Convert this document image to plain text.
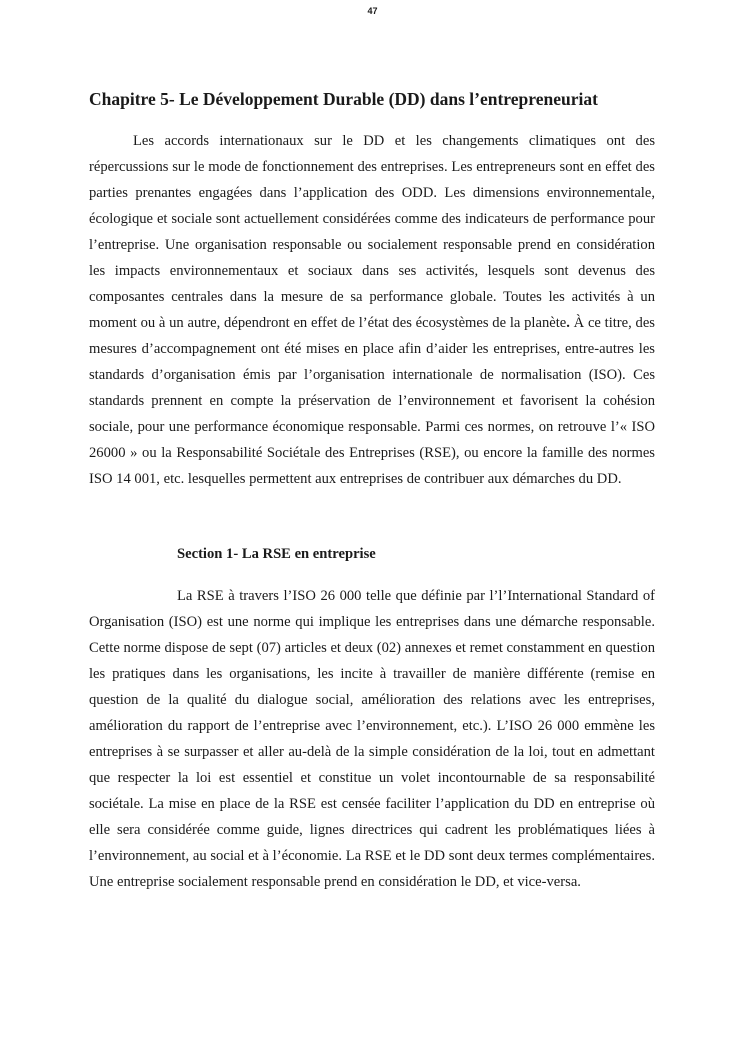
47
Chapitre 5- Le Développement Durable (DD) dans l’entrepreneuriat

Les accords internationaux sur le DD et les changements climatiques ont des répercussions sur le mode de fonctionnement des entreprises. Les entrepreneurs sont en effet des parties prenantes engagées dans l’application des ODD. Les dimensions environnementale, écologique et sociale sont actuellement considérées comme des indicateurs de performance pour l’entreprise. Une organisation responsable ou socialement responsable prend en considération les impacts environnementaux et sociaux dans ses activités, lesquels sont devenus des composantes centrales dans la mesure de sa performance globale. Toutes les activités à un moment ou à un autre, dépendront en effet de l’état des écosystèmes de la planète. À ce titre, des mesures d’accompagnement ont été mises en place afin d’aider les entreprises, entre-autres les standards d’organisation émis par l’organisation internationale de normalisation (ISO). Ces standards prennent en compte la préservation de l’environnement et favorisent la cohésion sociale, pour une performance économique responsable. Parmi ces normes, on retrouve l’« ISO 26000 » ou la Responsabilité Sociétale des Entreprises (RSE), ou encore la famille des normes ISO 14 001, etc. lesquelles permettent aux entreprises de contribuer aux démarches du DD.

Section 1- La RSE en entreprise

La RSE à travers l’ISO 26 000 telle que définie par l’l’International Standard of Organisation (ISO) est une norme qui implique les entreprises dans une démarche responsable. Cette norme dispose de sept (07) articles et deux (02) annexes et remet constamment en question les pratiques dans les organisations, les incite à travailler de manière différente (remise en question de la qualité du dialogue social, amélioration des relations avec les entreprises, amélioration du rapport de l’entreprise avec l’environnement, etc.). L’ISO 26 000 emmène les entreprises à se surpasser et aller au-delà de la simple considération de la loi, tout en admettant que respecter la loi est essentiel et constitue un volet incontournable de sa responsabilité sociétale. La mise en place de la RSE est censée faciliter l’application du DD en entreprise où elle sera considérée comme guide, lignes directrices qui cadrent les problématiques liées à l’environnement, au social et à l’économie. La RSE et le DD sont deux termes complémentaires. Une entreprise socialement responsable prend en considération le DD, et vice-versa.
